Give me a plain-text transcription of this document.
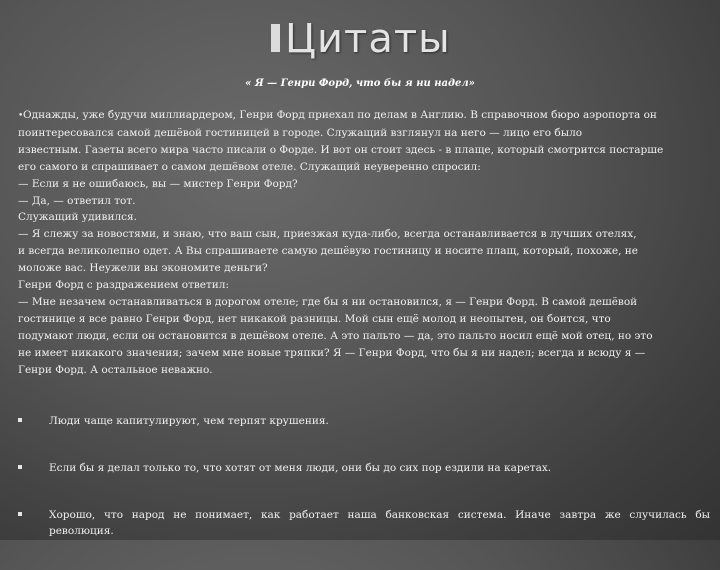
Цитаты
« Я — Генри Форд, что бы я ни надел»
•Однажды, уже будучи миллиардером, Генри Форд приехал по делам в Англию. В справочном бюро аэропорта он
поинтересовался самой дешёвой гостиницей в городе. Служащий взглянул на него — лицо его было
известным. Газеты всего мира часто писали о Форде. И вот он стоит здесь - в плаще, который смотрится постарше
его самого и спрашивает о самом дешёвом отеле. Служащий неуверенно спросил:
— Если я не ошибаюсь, вы — мистер Генри Форд?
— Да, — ответил тот.
Служащий удивился.
— Я слежу за новостями, и знаю, что ваш сын, приезжая куда-либо, всегда останавливается в лучших отелях,
и всегда великолепно одет. А Вы спрашиваете самую дешёвую гостиницу и носите плащ, который, похоже, не
моложе вас. Неужели вы экономите деньги?
Генри Форд с раздражением ответил:
— Мне незачем останавливаться в дорогом отеле; где бы я ни остановился, я — Генри Форд. В самой дешёвой
гостинице я все равно Генри Форд, нет никакой разницы. Мой сын ещё молод и неопытен, он боится, что
подумают люди, если он остановится в дешёвом отеле. А это пальто — да, это пальто носил ещё мой отец, но это
не имеет никакого значения; зачем мне новые тряпки? Я — Генри Форд, что бы я ни надел; всегда и всюду я —
Генри Форд. А остальное неважно.
Люди чаще капитулируют, чем терпят крушения.
Если бы я делал только то, что хотят от меня люди, они бы до сих пор ездили на каретах.
Хорошо, что народ не понимает, как работает наша банковская система. Иначе завтра же случилась бы революция.
